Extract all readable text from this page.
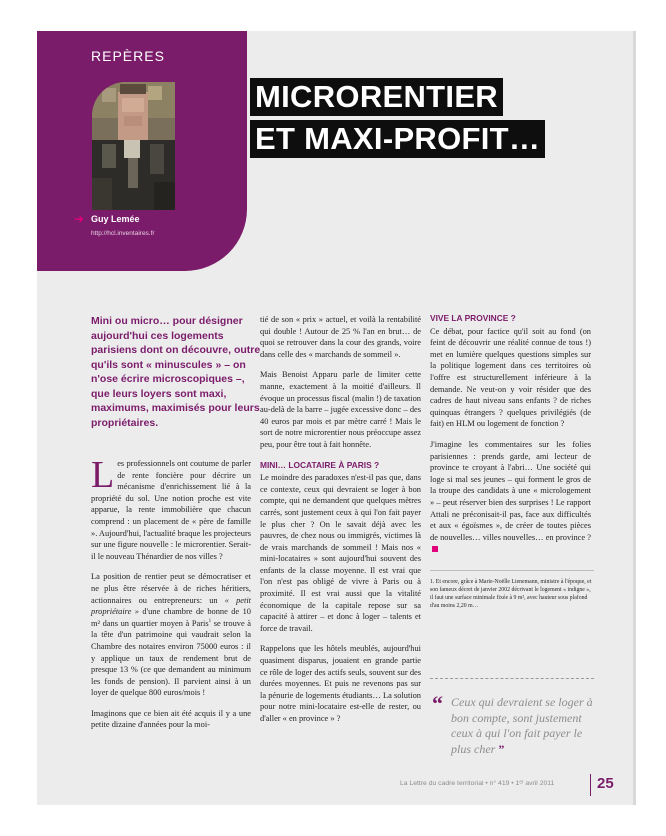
REPÈRES
➔ Guy Lemée
http://hcl.inventaires.fr
MICRORENTIER
ET MAXI-PROFIT…

Mini ou micro… pour désigner aujourd'hui ces logements parisiens dont on découvre, outre qu'ils sont « minuscules » – on n'ose écrire microscopiques –, que leurs loyers sont maxi, maximums, maximisés pour leurs propriétaires.

Les professionnels ont coutume de parler de rente foncière pour décrire un mécanisme d'enrichissement lié à la propriété du sol. Une notion proche est vite apparue, la rente immobilière que chacun comprend : un placement de « père de famille ». Aujourd'hui, l'actualité braque les projecteurs sur une figure nouvelle : le microrentier. Serait-il le nouveau Thénardier de nos villes ?

La position de rentier peut se démocratiser et ne plus être réservée à de riches héritiers, actionnaires ou entrepreneurs: un « petit propriétaire » d'une chambre de bonne de 10 m² dans un quartier moyen à Paris$^1$ se trouve à la tête d'un patrimoine qui vaudrait selon la Chambre des notaires environ 75000 euros : il y applique un taux de rendement brut de presque 13 % (ce que demandent au minimum les fonds de pension). Il parvient ainsi à un loyer de quelque 800 euros/mois !

Imaginons que ce bien ait été acquis il y a une petite dizaine d'années pour la moi-

tié de son « prix » actuel, et voilà la rentabilité qui double ! Autour de 25 % l'an en brut… de quoi se retrouver dans la cour des grands, voire dans celle des « marchands de sommeil ».

Mais Benoist Apparu parle de limiter cette manne, exactement à la moitié d'ailleurs. Il évoque un processus fiscal (malin !) de taxation au-delà de la barre – jugée excessive donc – des 40 euros par mois et par mètre carré ! Mais le sort de notre microrentier nous préoccupe assez peu, pour être tout à fait honnête.

MINI… LOCATAIRE À PARIS ?

Le moindre des paradoxes n'est-il pas que, dans ce contexte, ceux qui devraient se loger à bon compte, qui ne demandent que quelques mètres carrés, sont justement ceux à qui l'on fait payer le plus cher ? On le savait déjà avec les pauvres, de chez nous ou immigrés, victimes là de vrais marchands de sommeil ! Mais nos « mini-locataires » sont aujourd'hui souvent des enfants de la classe moyenne. Il est vrai que l'on n'est pas obligé de vivre à Paris ou à proximité. Il est vrai aussi que la vitalité économique de la capitale repose sur sa capacité à attirer – et donc à loger – talents et force de travail.

Rappelons que les hôtels meublés, aujourd'hui quasiment disparus, jouaient en grande partie ce rôle de loger des actifs seuls, souvent sur des durées moyennes. Et puis ne revenons pas sur la pénurie de logements étudiants… La solution pour notre mini-locataire est-elle de rester, ou d'aller « en province » ?

VIVE LA PROVINCE ?

Ce débat, pour factice qu'il soit au fond (on feint de découvrir une réalité connue de tous !) met en lumière quelques questions simples sur la politique logement dans ces territoires où l'offre est structurellement inférieure à la demande. Ne veut-on y voir résider que des cadres de haut niveau sans enfants ? de riches quinquas étrangers ? quelques privilégiés (de fait) en HLM ou logement de fonction ?

J'imagine les commentaires sur les folies parisiennes : prends garde, ami lecteur de province te croyant à l'abri… Une société qui loge si mal ses jeunes – qui forment le gros de la troupe des candidats à une « micrologement » – peut réserver bien des surprises ! Le rapport Attali ne préconisait-il pas, face aux difficultés et aux « égoïsmes », de créer de toutes pièces de nouvelles… villes nouvelles… en province ?

1. Et encore, grâce à Marie-Noëlle Lienemann, ministre à l'époque, et son fameux décret de janvier 2002 décrivant le logement « indigne », il faut une surface minimale fixée à 9 m², avec hauteur sous plafond d'au moins 2,20 m…

“ Ceux qui devraient se loger à bon compte, sont justement ceux à qui l'on fait payer le plus cher ”

La Lettre du cadre territorial • n° 419 • 1ᵉʳ avril 2011	25
